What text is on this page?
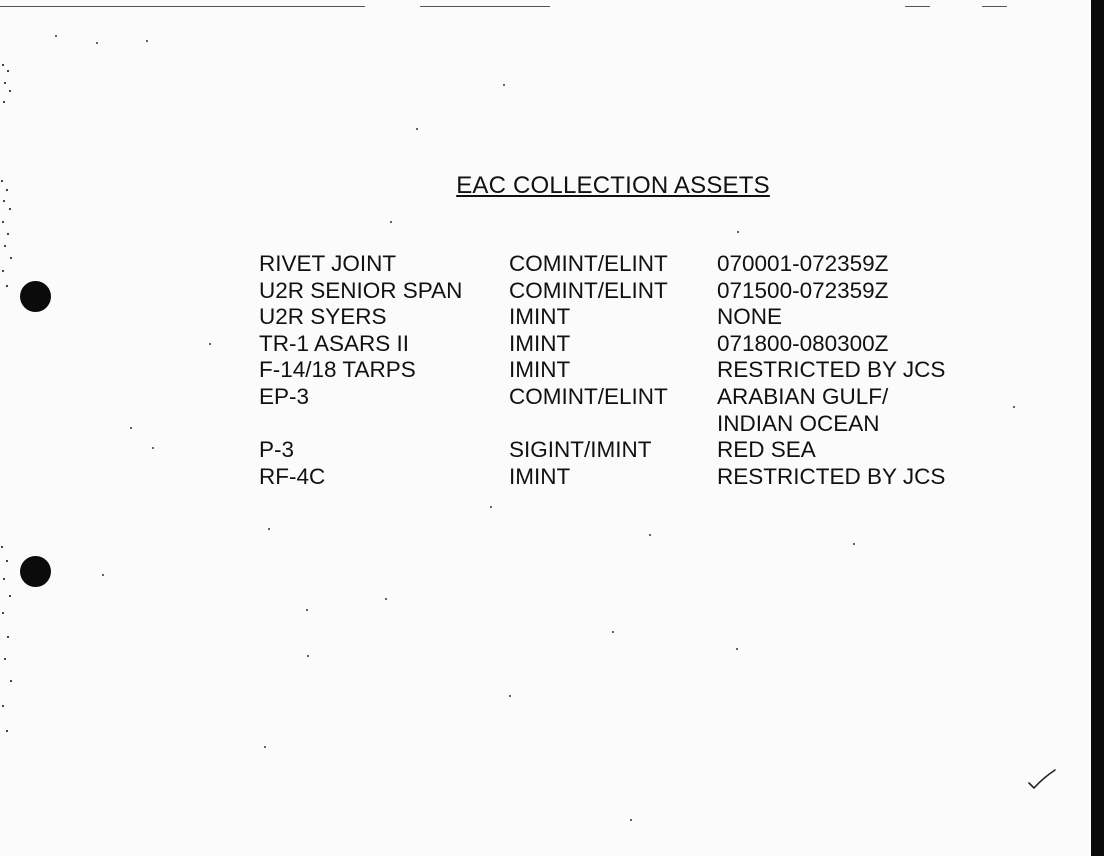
EAC COLLECTION ASSETS
RIVET JOINT	COMINT/ELINT	070001-072359Z

U2R SENIOR SPAN	COMINT/ELINT	071500-072359Z

U2R SYERS	IMINT	NONE

TR-1 ASARS II	IMINT	071800-080300Z

F-14/18 TARPS	IMINT	RESTRICTED BY JCS

EP-3	COMINT/ELINT	ARABIAN GULF/
INDIAN OCEAN

P-3	SIGINT/IMINT	RED SEA

RF-4C	IMINT	RESTRICTED BY JCS
